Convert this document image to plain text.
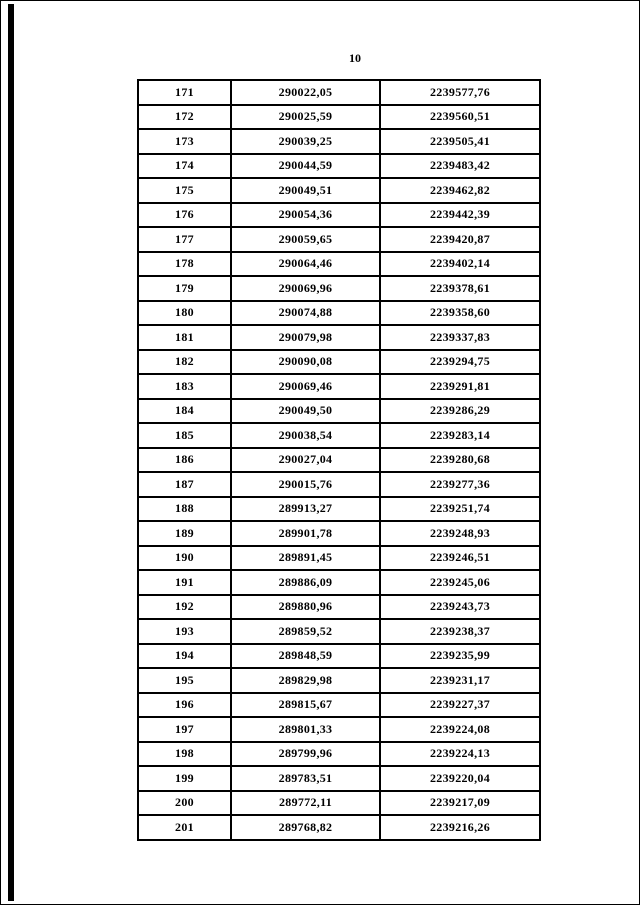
10
171	290022,05	2239577,76
172	290025,59	2239560,51
173	290039,25	2239505,41
174	290044,59	2239483,42
175	290049,51	2239462,82
176	290054,36	2239442,39
177	290059,65	2239420,87
178	290064,46	2239402,14
179	290069,96	2239378,61
180	290074,88	2239358,60
181	290079,98	2239337,83
182	290090,08	2239294,75
183	290069,46	2239291,81
184	290049,50	2239286,29
185	290038,54	2239283,14
186	290027,04	2239280,68
187	290015,76	2239277,36
188	289913,27	2239251,74
189	289901,78	2239248,93
190	289891,45	2239246,51
191	289886,09	2239245,06
192	289880,96	2239243,73
193	289859,52	2239238,37
194	289848,59	2239235,99
195	289829,98	2239231,17
196	289815,67	2239227,37
197	289801,33	2239224,08
198	289799,96	2239224,13
199	289783,51	2239220,04
200	289772,11	2239217,09
201	289768,82	2239216,26
